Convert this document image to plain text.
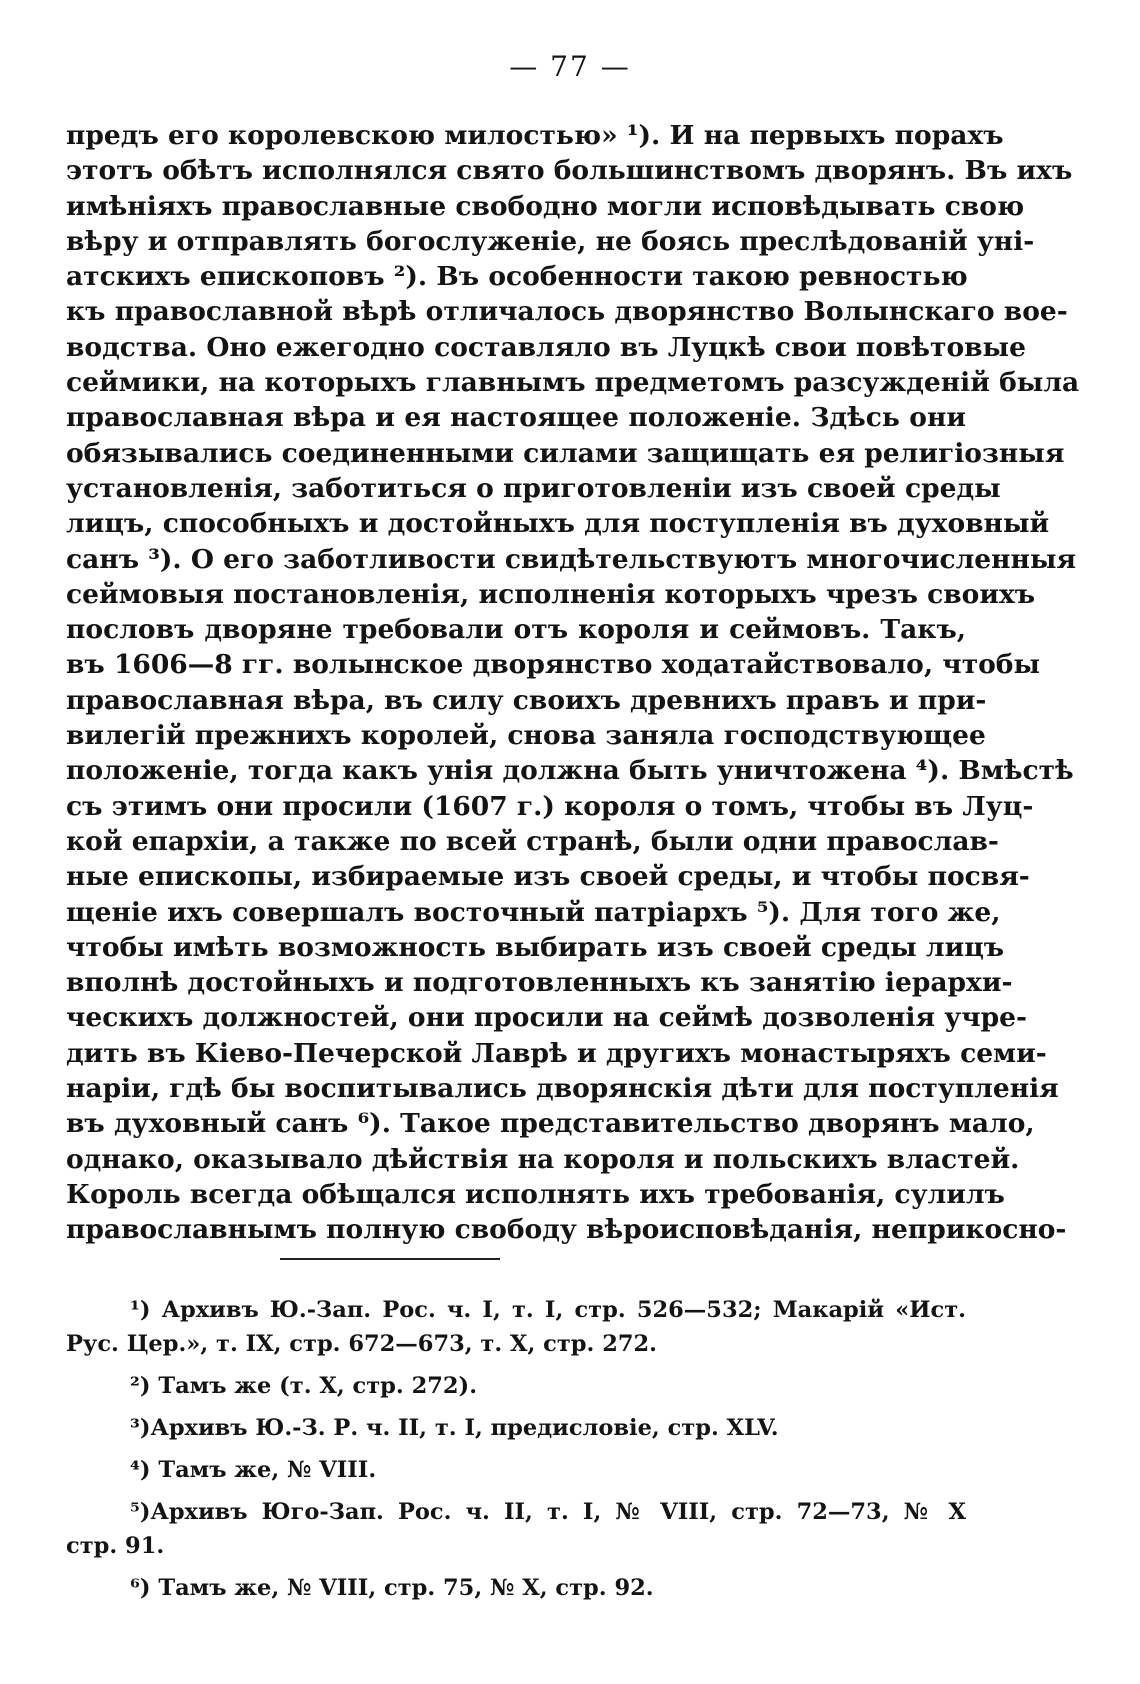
— 77 —
предъ его королевскою милостью» ¹). И на первыхъ порахъ
этотъ обѣтъ исполнялся свято большинствомъ дворянъ. Въ ихъ
имѣніяхъ православные свободно могли исповѣдывать свою
вѣру и отправлять богослуженіе, не боясь преслѣдованій уні-
атскихъ епископовъ ²). Въ особенности такою ревностью
къ православной вѣрѣ отличалось дворянство Волынскаго вое-
водства. Оно ежегодно составляло въ Луцкѣ свои повѣтовые
сеймики, на которыхъ главнымъ предметомъ разсужденій была
православная вѣра и ея настоящее положеніе. Здѣсь они
обязывались соединенными силами защищать ея религіозныя
установленія, заботиться о приготовленіи изъ своей среды
лицъ, способныхъ и достойныхъ для поступленія въ духовный
санъ ³). О его заботливости свидѣтельствуютъ многочисленныя
сеймовыя постановленія, исполненія которыхъ чрезъ своихъ
пословъ дворяне требовали отъ короля и сеймовъ. Такъ,
въ 1606—8 гг. волынское дворянство ходатайствовало, чтобы
православная вѣра, въ силу своихъ древнихъ правъ и при-
вилегій прежнихъ королей, снова заняла господствующее
положеніе, тогда какъ унія должна быть уничтожена ⁴). Вмѣстѣ
съ этимъ они просили (1607 г.) короля о томъ, чтобы въ Луц-
кой епархіи, а также по всей странѣ, были одни православ-
ные епископы, избираемые изъ своей среды, и чтобы посвя-
щеніе ихъ совершалъ восточный патріархъ ⁵). Для того же,
чтобы имѣть возможность выбирать изъ своей среды лицъ
вполнѣ достойныхъ и подготовленныхъ къ занятію іерархи-
ческихъ должностей, они просили на сеймѣ дозволенія учре-
дить въ Кіево-Печерской Лаврѣ и другихъ монастыряхъ семи-
наріи, гдѣ бы воспитывались дворянскія дѣти для поступленія
въ духовный санъ ⁶). Такое представительство дворянъ мало,
однако, оказывало дѣйствія на короля и польскихъ властей.
Король всегда обѣщался исполнять ихъ требованія, сулилъ
православнымъ полную свободу вѣроисповѣданія, неприкосно-
¹) Архивъ Ю.-Зап. Рос. ч. I, т. I, стр. 526—532; Макарій «Ист.
Рус. Цер.», т. IX, стр. 672—673, т. X, стр. 272.
²) Тамъ же (т. X, стр. 272).
³)Архивъ Ю.-З. Р. ч. II, т. I, предисловіе, стр. XLV.
⁴) Тамъ же, № VIII.
⁵)Архивъ Юго-Зап. Рос. ч. II, т. I, № VIII, стр. 72—73, № X
стр. 91.
⁶) Тамъ же, № VIII, стр. 75, № X, стр. 92.
